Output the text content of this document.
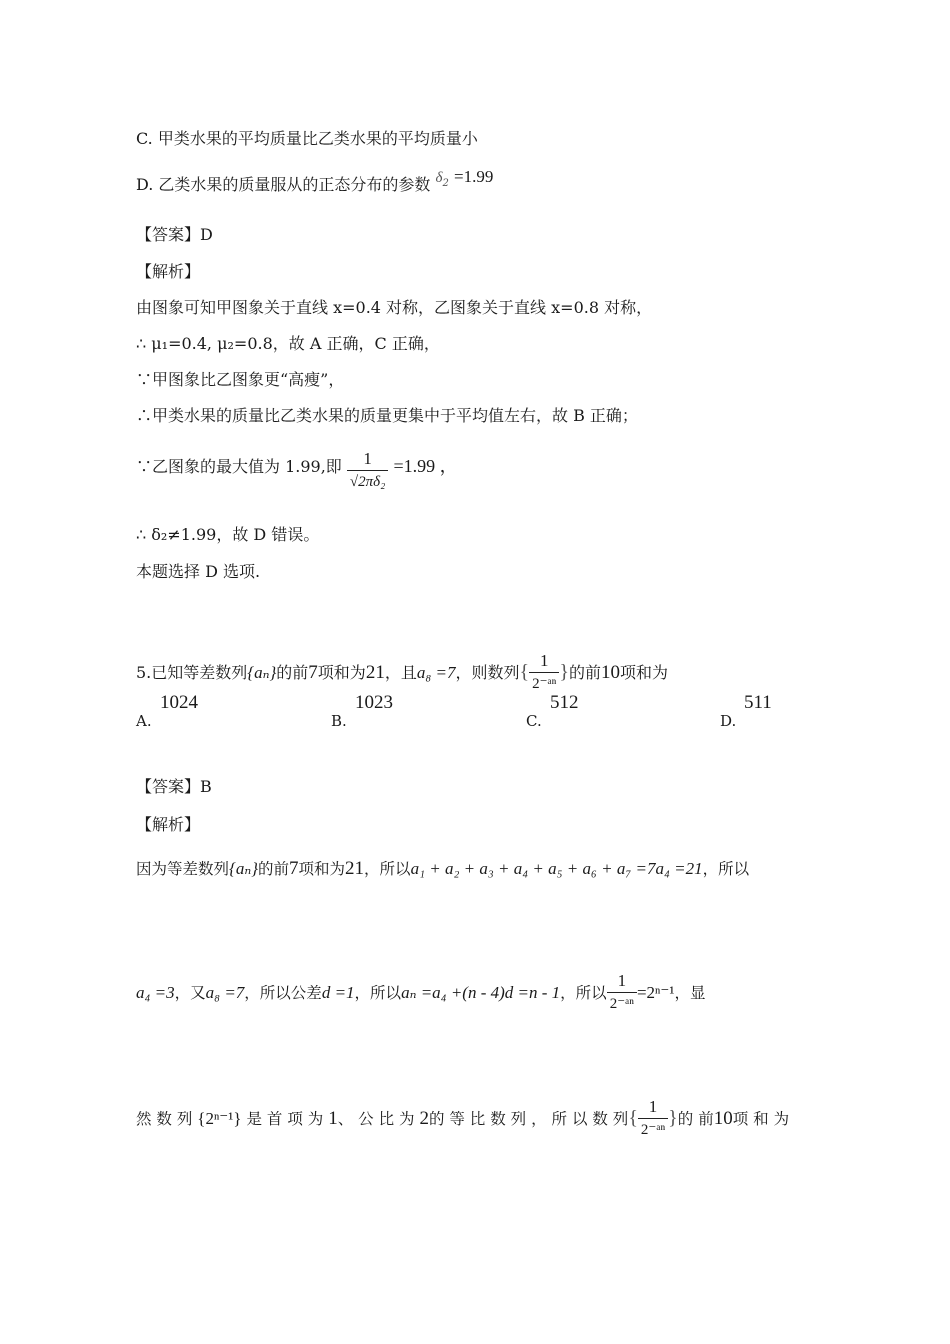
C. 甲类水果的平均质量比乙类水果的平均质量小
D. 乙类水果的质量服从的正态分布的参数 $\delta^2 =1.99$
【答案】D
【解析】
由图象可知甲图象关于直线 x=0.4 对称，乙图象关于直线 x=0.8 对称，
∴ μ₁=0.4, μ₂=0.8，故 A 正确，C 正确，
∵甲图象比乙图象更“高瘦”，
∴甲类水果的质量比乙类水果的质量更集中于平均值左右，故 B 正确；
∵乙图象的最大值为 1.99,即 $\frac{1}{\text{√2πδ₂}} =1.99$ ，
∴ δ₂≠1.99，故 D 错误。
本题选择 D 选项.
5.已知等差数列{aₙ}的前7项和为21，且a₈ =7，则数列{ $\frac{1}{\text{2⁻ᵃⁿ}}$ }的前10项和为
A.
1024
B.
1023
C.
512
D.
511
【答案】B
【解析】
因为等差数列{aₙ}的前7项和为21，所以a₁ + a₂ + a₃ + a₄ + a₅ + a₆ + a₇ =7a₄ =21，所以
a₄ =3，又a₈ =7，所以公差d =1，所以aₙ =a₄ +(n - 4)d =n - 1，所以 $\frac{1}{\text{2⁻ᵃⁿ}} =2^{n-1}$，显
然 数 列 {2ⁿ⁻¹} 是 首 项 为 1、 公 比 为 2的 等 比 数 列 ， 所 以 数 列{ $\frac{1}{\text{2⁻ᵃⁿ}}$ }的 前10项 和 为
